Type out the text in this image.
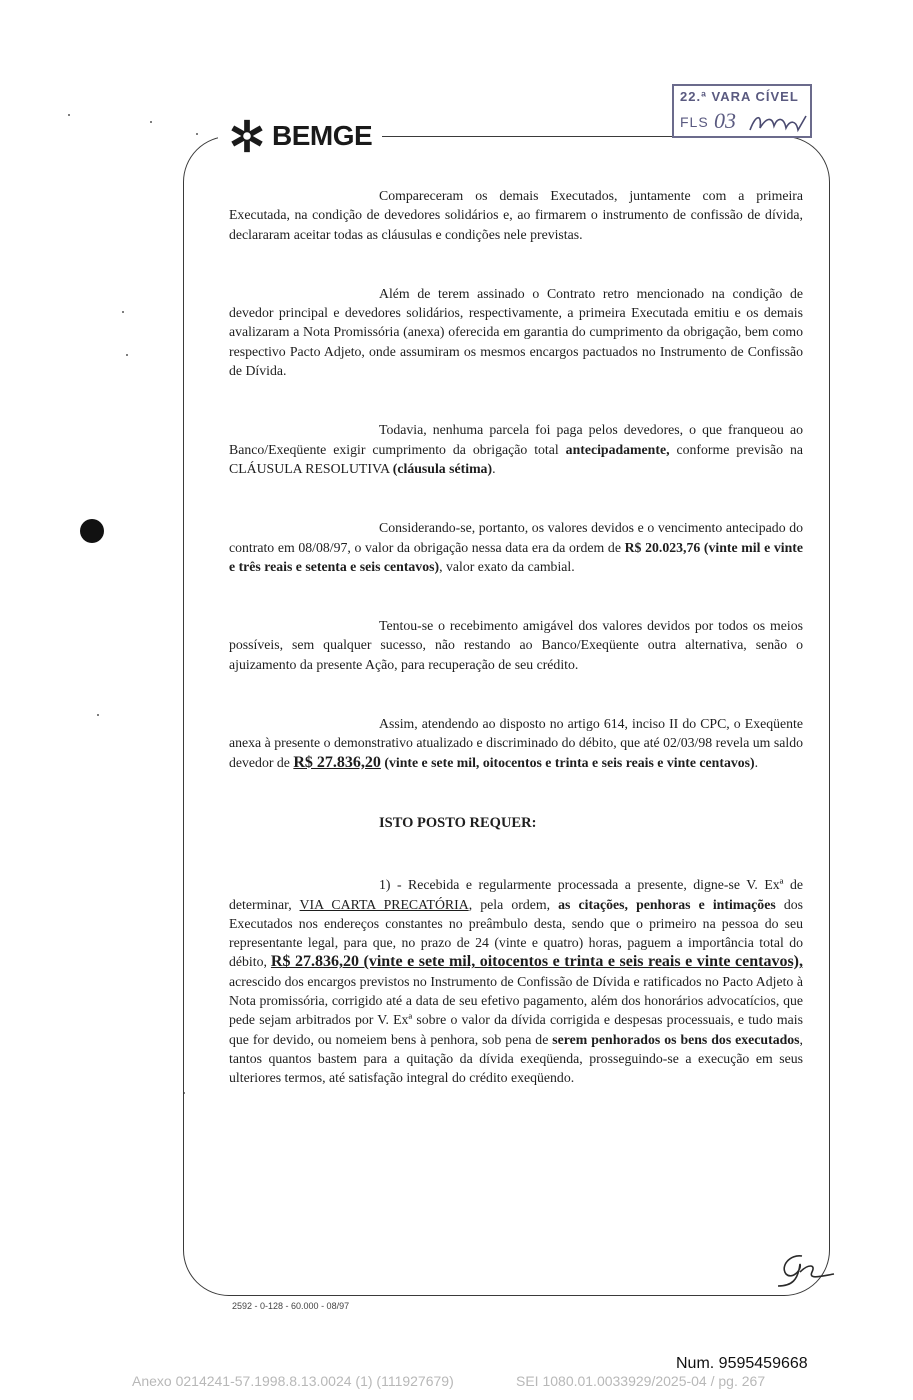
BEMGE
22.ª VARA CÍVEL
FLS 03

Compareceram os demais Executados, juntamente com a primeira Executada, na condição de devedores solidários e, ao firmarem o instrumento de confissão de dívida, declararam aceitar todas as cláusulas e condições nele previstas.

Além de terem assinado o Contrato retro mencionado na condição de devedor principal e devedores solidários, respectivamente, a primeira Executada emitiu e os demais avalizaram a Nota Promissória (anexa) oferecida em garantia do cumprimento da obrigação, bem como respectivo Pacto Adjeto, onde assumiram os mesmos encargos pactuados no Instrumento de Confissão de Dívida.

Todavia, nenhuma parcela foi paga pelos devedores, o que franqueou ao Banco/Exeqüente exigir cumprimento da obrigação total antecipadamente, conforme previsão na CLÁUSULA RESOLUTIVA (cláusula sétima).

Considerando-se, portanto, os valores devidos e o vencimento antecipado do contrato em 08/08/97, o valor da obrigação nessa data era da ordem de R$ 20.023,76 (vinte mil e vinte e três reais e setenta e seis centavos), valor exato da cambial.

Tentou-se o recebimento amigável dos valores devidos por todos os meios possíveis, sem qualquer sucesso, não restando ao Banco/Exeqüente outra alternativa, senão o ajuizamento da presente Ação, para recuperação de seu crédito.

Assim, atendendo ao disposto no artigo 614, inciso II do CPC, o Exeqüente anexa à presente o demonstrativo atualizado e discriminado do débito, que até 02/03/98 revela um saldo devedor de R$ 27.836,20 (vinte e sete mil, oitocentos e trinta e seis reais e vinte centavos).

ISTO POSTO REQUER:

1) - Recebida e regularmente processada a presente, digne-se V. Exª de determinar, VIA CARTA PRECATÓRIA, pela ordem, as citações, penhoras e intimações dos Executados nos endereços constantes no preâmbulo desta, sendo que o primeiro na pessoa do seu representante legal, para que, no prazo de 24 (vinte e quatro) horas, paguem a importância total do débito, R$ 27.836,20 (vinte e sete mil, oitocentos e trinta e seis reais e vinte centavos), acrescido dos encargos previstos no Instrumento de Confissão de Dívida e ratificados no Pacto Adjeto à Nota promissória, corrigido até a data de seu efetivo pagamento, além dos honorários advocatícios, que pede sejam arbitrados por V. Exª sobre o valor da dívida corrigida e despesas processuais, e tudo mais que for devido, ou nomeiem bens à penhora, sob pena de serem penhorados os bens dos executados, tantos quantos bastem para a quitação da dívida exeqüenda, prosseguindo-se a execução em seus ulteriores termos, até satisfação integral do crédito exeqüendo.

2592 - 0-128 - 60.000 - 08/97
Num. 9595459668
Anexo 0214241-57.1998.8.13.0024 (1) (111927679)	SEI 1080.01.0033929/2025-04 / pg. 267
